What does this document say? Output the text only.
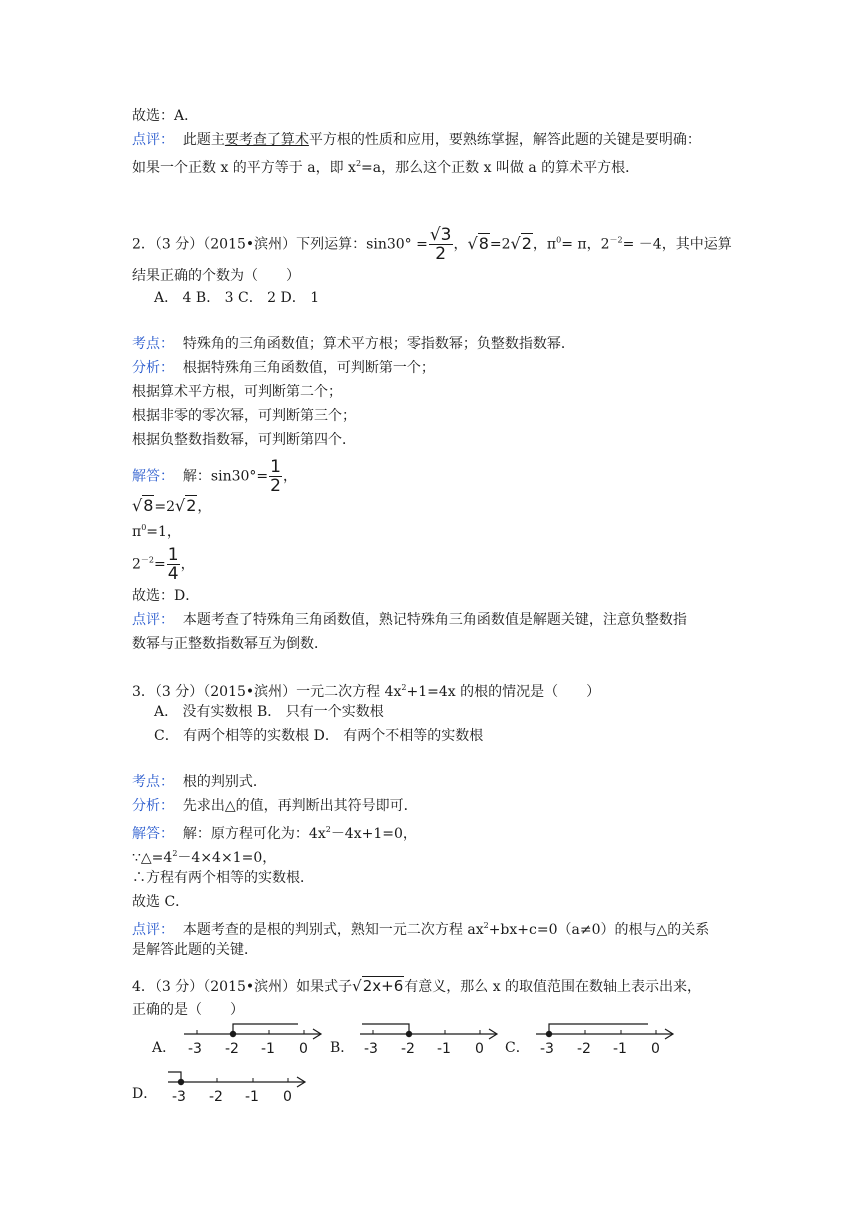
故选：A．
点评： 此题主要考查了算术平方根的性质和应用，要熟练掌握，解答此题的关键是要明确：
如果一个正数 x 的平方等于 a，即 $x^2=a$，那么这个正数 x 叫做 a 的算术平方根．
2．（3 分）（2015•滨州）下列运算：$\sin 30^\circ = \frac{√3}{2}$ ，√8=2√2，$\pi^0= \pi$，$2^{-2}= -4$，其中运算
结果正确的个数为（　　）
A． 4 B． 3 C． 2 D． 1
考点： 特殊角的三角函数值；算术平方根；零指数幂；负整数指数幂．
分析： 根据特殊角三角函数值，可判断第一个；
根据算术平方根，可判断第二个；
根据非零的零次幂，可判断第三个；
根据负整数指数幂，可判断第四个．
解答： 解：$\sin 30^\circ= \frac{1}{2}$ ，
√8=2√2，
$\pi^0=1$，
$2^{-2}= \frac{1}{4}$ ，
故选：D．
点评： 本题考查了特殊角三角函数值，熟记特殊角三角函数值是解题关键，注意负整数指
数幂与正整数指数幂互为倒数．
3．（3 分）（2015•滨州）一元二次方程 $4x^2+1=4x$ 的根的情况是（　　）
A． 没有实数根 B． 只有一个实数根
C． 有两个相等的实数根 D． 有两个不相等的实数根
考点： 根的判别式．
分析： 先求出△的值，再判断出其符号即可．
解答： 解：原方程可化为：$4x^2-4x+1=0$，
$\because\triangle=4^2-4\times 4\times 1=0$，
∴方程有两个相等的实数根．
故选 C．
点评： 本题考查的是根的判别式，熟知一元二次方程 $ax^2+bx+c=0(a\ne 0)$的根与△的关系
是解答此题的关键．
4．（3 分）（2015•滨州）如果式子√2x+6有意义，那么 x 的取值范围在数轴上表示出来，
正确的是（　　）
A．	B．	C．
D．
-3 -2 -1 0	-3 -2 -1 0	-3 -2 -1 0
-3 -2 -1 0
